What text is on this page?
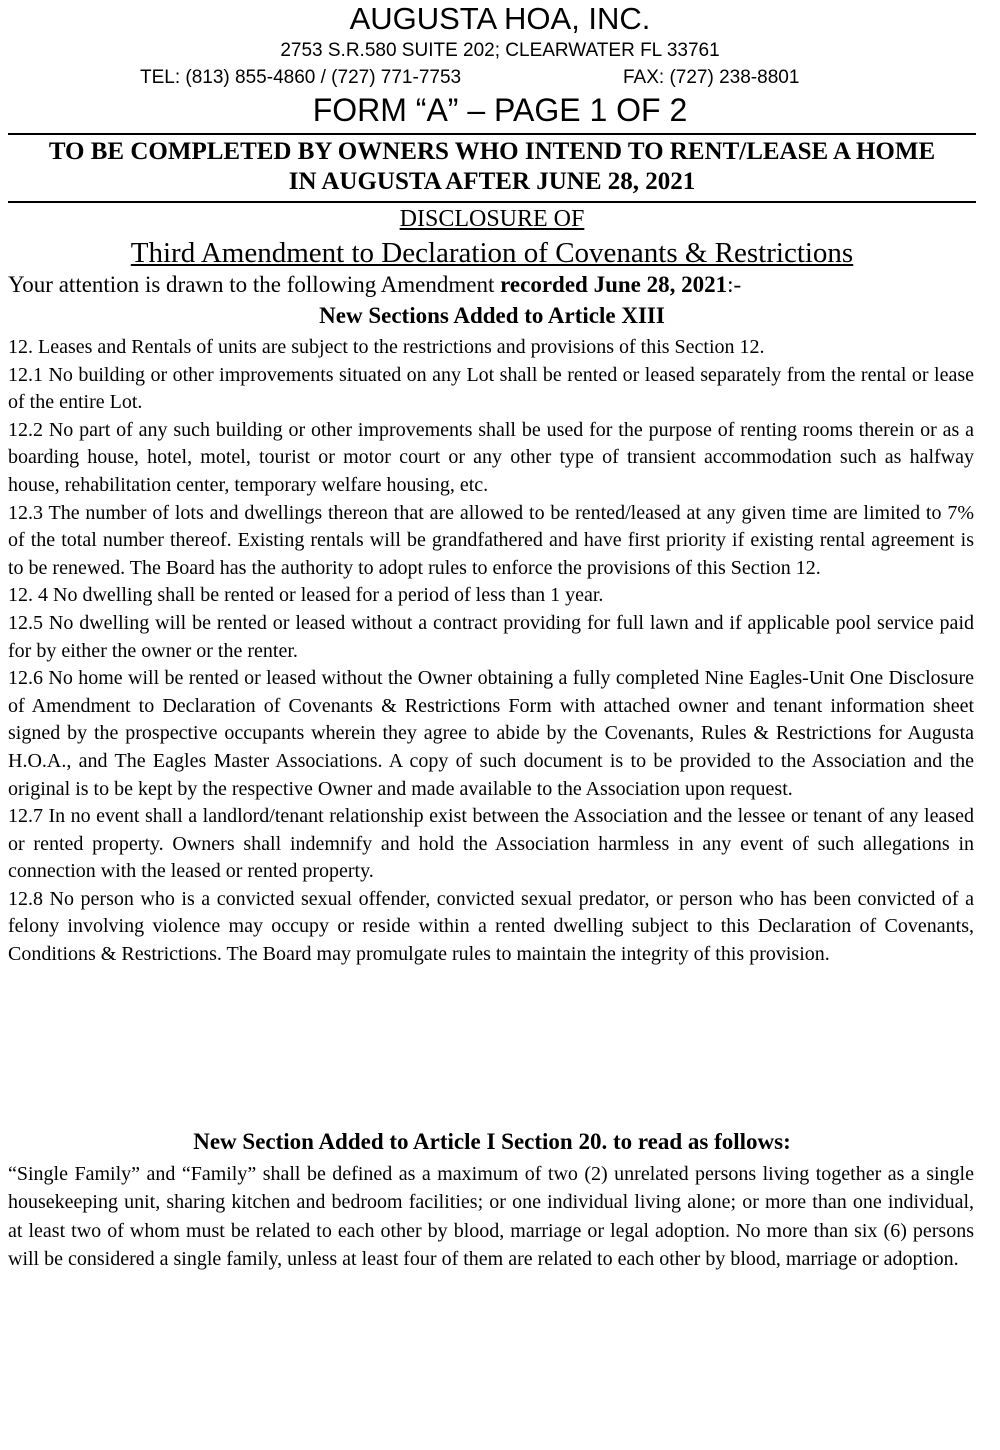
AUGUSTA HOA, INC.
2753 S.R.580 SUITE 202; CLEARWATER FL 33761
TEL: (813) 855-4860 / (727) 771-7753	FAX: (727) 238-8801
FORM “A” – PAGE 1 OF 2
TO BE COMPLETED BY OWNERS WHO INTEND TO RENT/LEASE A HOME
IN AUGUSTA AFTER JUNE 28, 2021
DISCLOSURE OF
Third Amendment to Declaration of Covenants & Restrictions
Your attention is drawn to the following Amendment recorded June 28, 2021:-
New Sections Added to Article XIII

12. Leases and Rentals of units are subject to the restrictions and provisions of this Section 12.

12.1 No building or other improvements situated on any Lot shall be rented or leased separately from the rental or lease of the entire Lot.

12.2 No part of any such building or other improvements shall be used for the purpose of renting rooms therein or as a boarding house, hotel, motel, tourist or motor court or any other type of transient accommodation such as halfway house, rehabilitation center, temporary welfare housing, etc.

12.3 The number of lots and dwellings thereon that are allowed to be rented/leased at any given time are limited to 7% of the total number thereof. Existing rentals will be grandfathered and have first priority if existing rental agreement is to be renewed. The Board has the authority to adopt rules to enforce the provisions of this Section 12.

12. 4 No dwelling shall be rented or leased for a period of less than 1 year.

12.5 No dwelling will be rented or leased without a contract providing for full lawn and if applicable pool service paid for by either the owner or the renter.

12.6 No home will be rented or leased without the Owner obtaining a fully completed Nine Eagles-Unit One Disclosure of Amendment to Declaration of Covenants & Restrictions Form with attached owner and tenant information sheet signed by the prospective occupants wherein they agree to abide by the Covenants, Rules & Restrictions for Augusta H.O.A., and The Eagles Master Associations. A copy of such document is to be provided to the Association and the original is to be kept by the respective Owner and made available to the Association upon request.

12.7 In no event shall a landlord/tenant relationship exist between the Association and the lessee or tenant of any leased or rented property. Owners shall indemnify and hold the Association harmless in any event of such allegations in connection with the leased or rented property.

12.8 No person who is a convicted sexual offender, convicted sexual predator, or person who has been convicted of a felony involving violence may occupy or reside within a rented dwelling subject to this Declaration of Covenants, Conditions & Restrictions. The Board may promulgate rules to maintain the integrity of this provision.

New Section Added to Article I Section 20. to read as follows:

“Single Family” and “Family” shall be defined as a maximum of two (2) unrelated persons living together as a single housekeeping unit, sharing kitchen and bedroom facilities; or one individual living alone; or more than one individual, at least two of whom must be related to each other by blood, marriage or legal adoption. No more than six (6) persons will be considered a single family, unless at least four of them are related to each other by blood, marriage or adoption.
